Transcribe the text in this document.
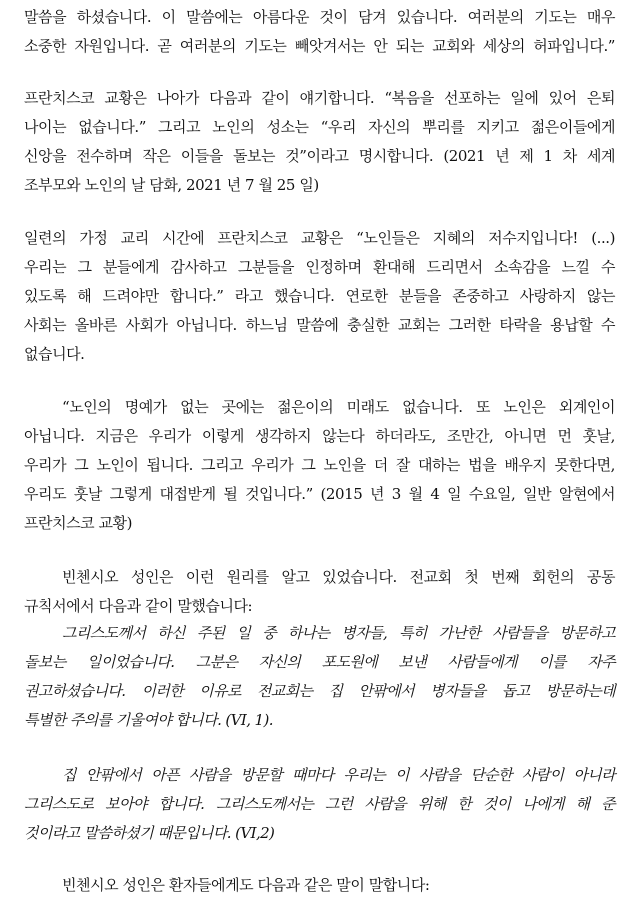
말씀을 하셨습니다. 이 말씀에는 아름다운 것이 담겨 있습니다. 여러분의 기도는 매우
소중한 자원입니다. 곧 여러분의 기도는 빼앗겨서는 안 되는 교회와 세상의 허파입니다.”
프란치스코 교황은 나아가 다음과 같이 얘기합니다. “복음을 선포하는 일에 있어 은퇴
나이는 없습니다.” 그리고 노인의 성소는 “우리 자신의 뿌리를 지키고 젊은이들에게
신앙을 전수하며 작은 이들을 돌보는 것”이라고 명시합니다. (2021 년 제 1 차 세계
조부모와 노인의 날 담화, 2021 년 7 월 25 일)
일련의 가정 교리 시간에 프란치스코 교황은 “노인들은 지혜의 저수지입니다! (...)
우리는 그 분들에게 감사하고 그분들을 인정하며 환대해 드리면서 소속감을 느낄 수
있도록 해 드려야만 합니다.” 라고 했습니다. 연로한 분들을 존중하고 사랑하지 않는
사회는 올바른 사회가 아닙니다. 하느님 말씀에 충실한 교회는 그러한 타락을 용납할 수
없습니다.
“노인의 명예가 없는 곳에는 젊은이의 미래도 없습니다. 또 노인은 외계인이
아닙니다. 지금은 우리가 이렇게 생각하지 않는다 하더라도, 조만간, 아니면 먼 훗날,
우리가 그 노인이 됩니다. 그리고 우리가 그 노인을 더 잘 대하는 법을 배우지 못한다면,
우리도 훗날 그렇게 대접받게 될 것입니다.” (2015 년 3 월 4 일 수요일, 일반 알현에서
프란치스코 교황)
빈첸시오 성인은 이런 원리를 알고 있었습니다. 전교회 첫 번째 회헌의 공동
규칙서에서 다음과 같이 말했습니다:
그리스도께서 하신 주된 일 중 하나는 병자들, 특히 가난한 사람들을 방문하고
돌보는 일이었습니다. 그분은 자신의 포도원에 보낸 사람들에게 이를 자주
권고하셨습니다. 이러한 이유로 전교회는 집 안팎에서 병자들을 돕고 방문하는데
특별한 주의를 기울여야 합니다. (VI, 1).
집 안팎에서 아픈 사람을 방문할 때마다 우리는 이 사람을 단순한 사람이 아니라
그리스도로 보아야 합니다. 그리스도께서는 그런 사람을 위해 한 것이 나에게 해 준
것이라고 말씀하셨기 때문입니다. (VI,2)
빈첸시오 성인은 환자들에게도 다음과 같은 말이 말합니다:
